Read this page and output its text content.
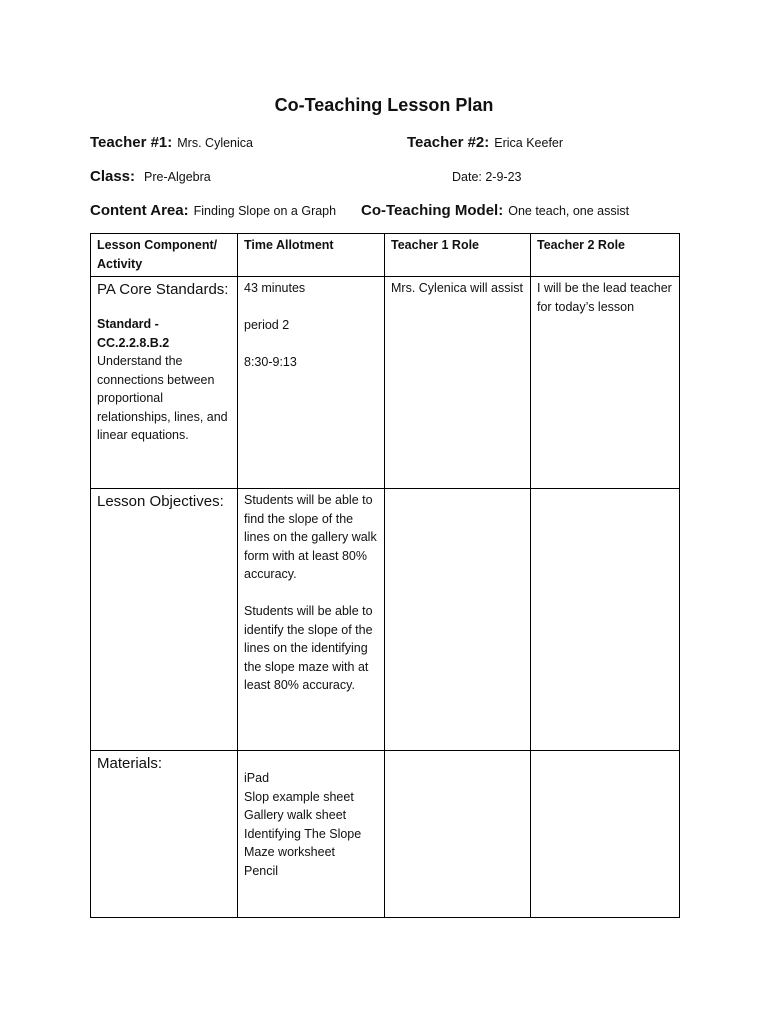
Co-Teaching Lesson Plan
Teacher #1: Mrs. Cylenica	Teacher #2: Erica Keefer
Class: Pre-Algebra	Date: 2-9-23
Content Area: Finding Slope on a Graph Co-Teaching Model: One teach, one assist
Lesson Component/ Activity	Time Allotment	Teacher 1 Role	Teacher 2 Role

PA Core Standards:
Standard - CC.2.2.8.B.2
Understand the connections between proportional relationships, lines, and linear equations.	43 minutes
period 2
8:30-9:13	Mrs. Cylenica will assist	I will be the lead teacher for today’s lesson

Lesson Objectives:	Students will be able to find the slope of the lines on the gallery walk form with at least 80% accuracy.
Students will be able to identify the slope of the lines on the identifying the slope maze with at least 80% accuracy.		

Materials:	iPad
Slop example sheet
Gallery walk sheet
Identifying The Slope Maze worksheet
Pencil		
